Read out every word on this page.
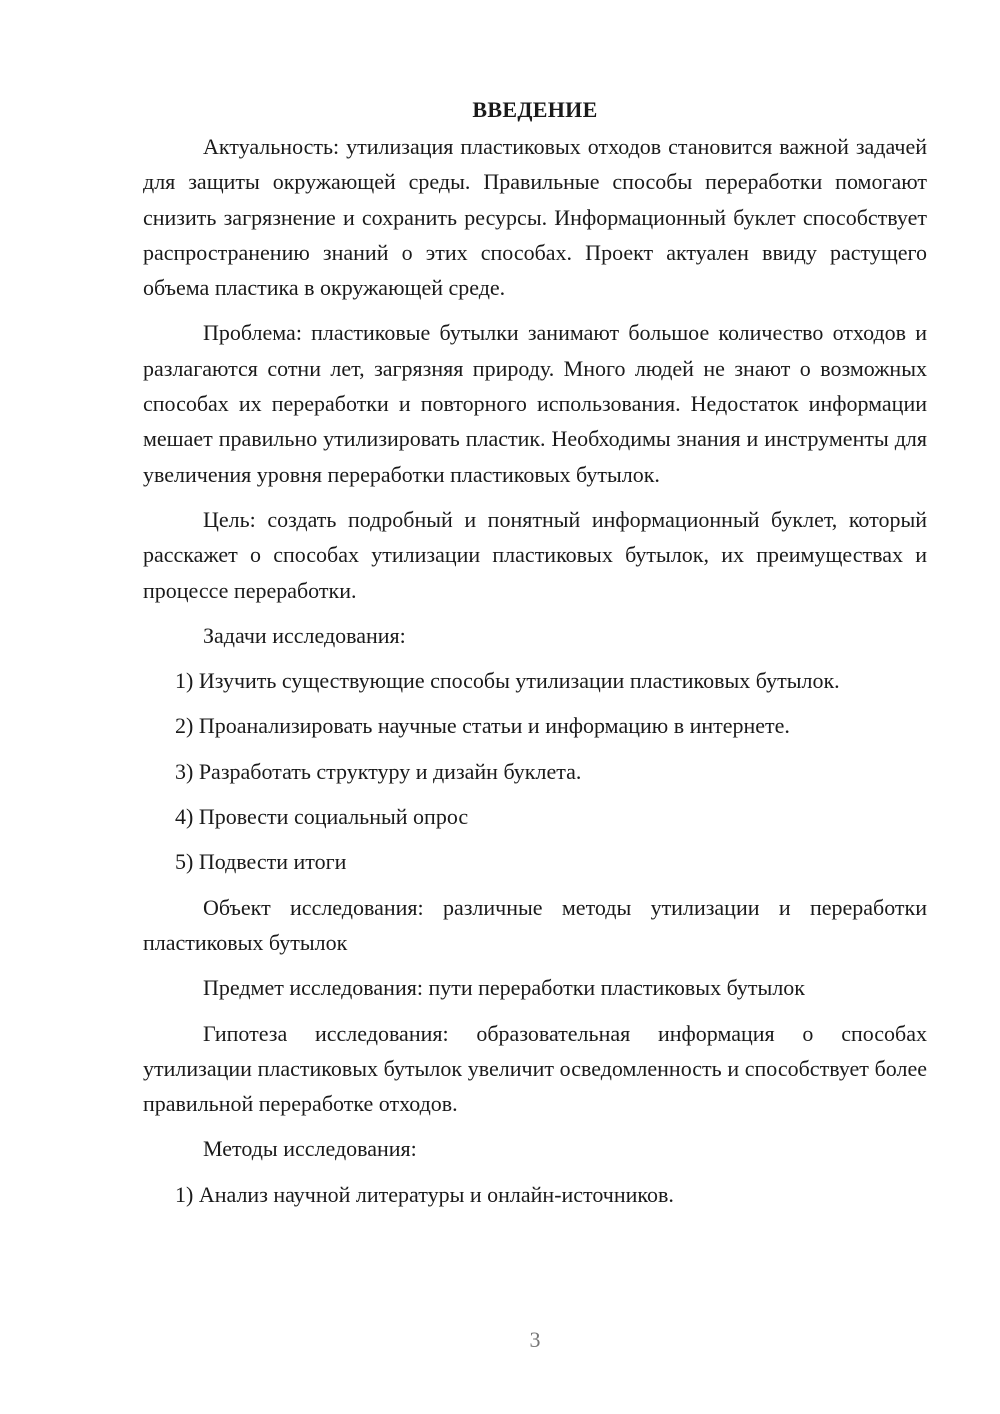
ВВЕДЕНИЕ

Актуальность: утилизация пластиковых отходов становится важной задачей для защиты окружающей среды. Правильные способы переработки помогают снизить загрязнение и сохранить ресурсы. Информационный буклет способствует распространению знаний о этих способах. Проект актуален ввиду растущего объема пластика в окружающей среде.

Проблема: пластиковые бутылки занимают большое количество отходов и разлагаются сотни лет, загрязняя природу. Много людей не знают о возможных способах их переработки и повторного использования. Недостаток информации мешает правильно утилизировать пластик. Необходимы знания и инструменты для увеличения уровня переработки пластиковых бутылок.

Цель: создать подробный и понятный информационный буклет, который расскажет о способах утилизации пластиковых бутылок, их преимуществах и процессе переработки.

Задачи исследования:

1) Изучить существующие способы утилизации пластиковых бутылок.

2) Проанализировать научные статьи и информацию в интернете.

3) Разработать структуру и дизайн буклета.

4) Провести социальный опрос

5) Подвести итоги

Объект исследования: различные методы утилизации и переработки пластиковых бутылок

Предмет исследования: пути переработки пластиковых бутылок

Гипотеза исследования: образовательная информация о способах утилизации пластиковых бутылок увеличит осведомленность и способствует более правильной переработке отходов.

Методы исследования:

1) Анализ научной литературы и онлайн-источников.

3
